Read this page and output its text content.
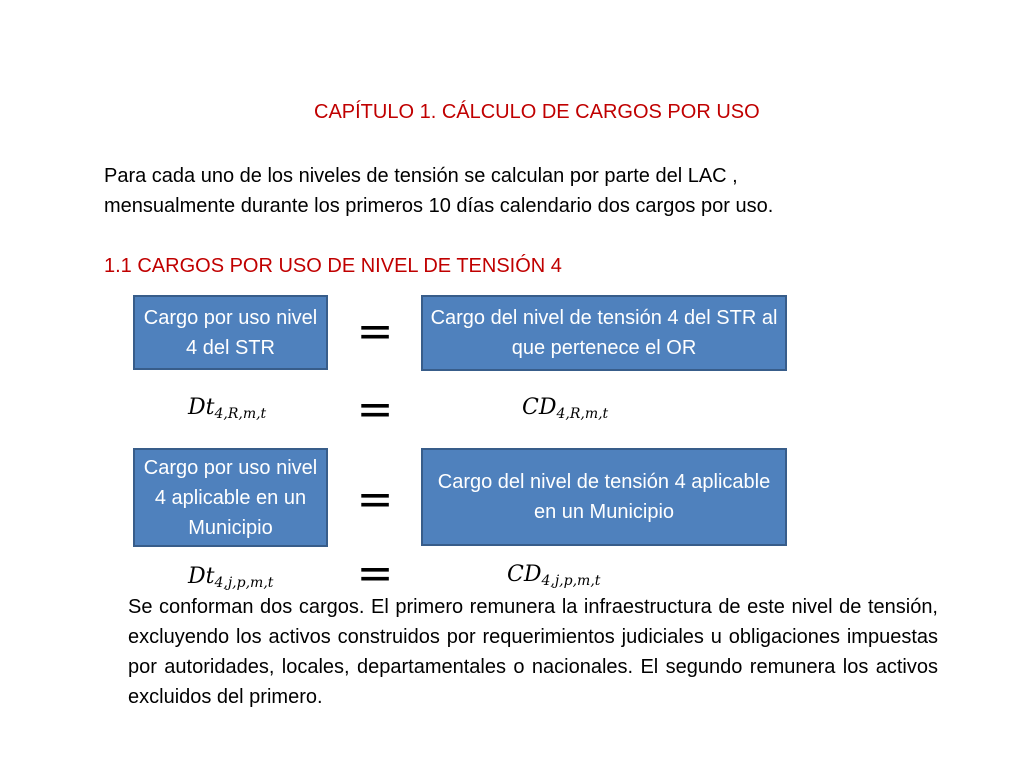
CAPÍTULO 1. CÁLCULO DE CARGOS POR USO
Para cada uno de los niveles de tensión se calculan por parte del LAC ,
mensualmente durante los primeros 10 días calendario dos cargos por uso.
1.1 CARGOS POR USO DE NIVEL DE TENSIÓN 4
Cargo por uso nivel 4 del STR	= Cargo del nivel de tensión 4 del STR al que pertenece el OR
$Dt_{4,R,m,t}$ =	$CD_{4,R,m,t}$
Cargo por uso nivel 4 aplicable en un Municipio
=	Cargo del nivel de tensión 4 aplicable en un Municipio
$Dt_{4,j,p,m,t}$ =	$CD_{4,j,p,m,t}$
Se conforman dos cargos. El primero remunera la infraestructura de este nivel de tensión, excluyendo los activos construidos por requerimientos judiciales u obligaciones impuestas por autoridades, locales, departamentales o nacionales. El segundo remunera los activos excluidos del primero.
